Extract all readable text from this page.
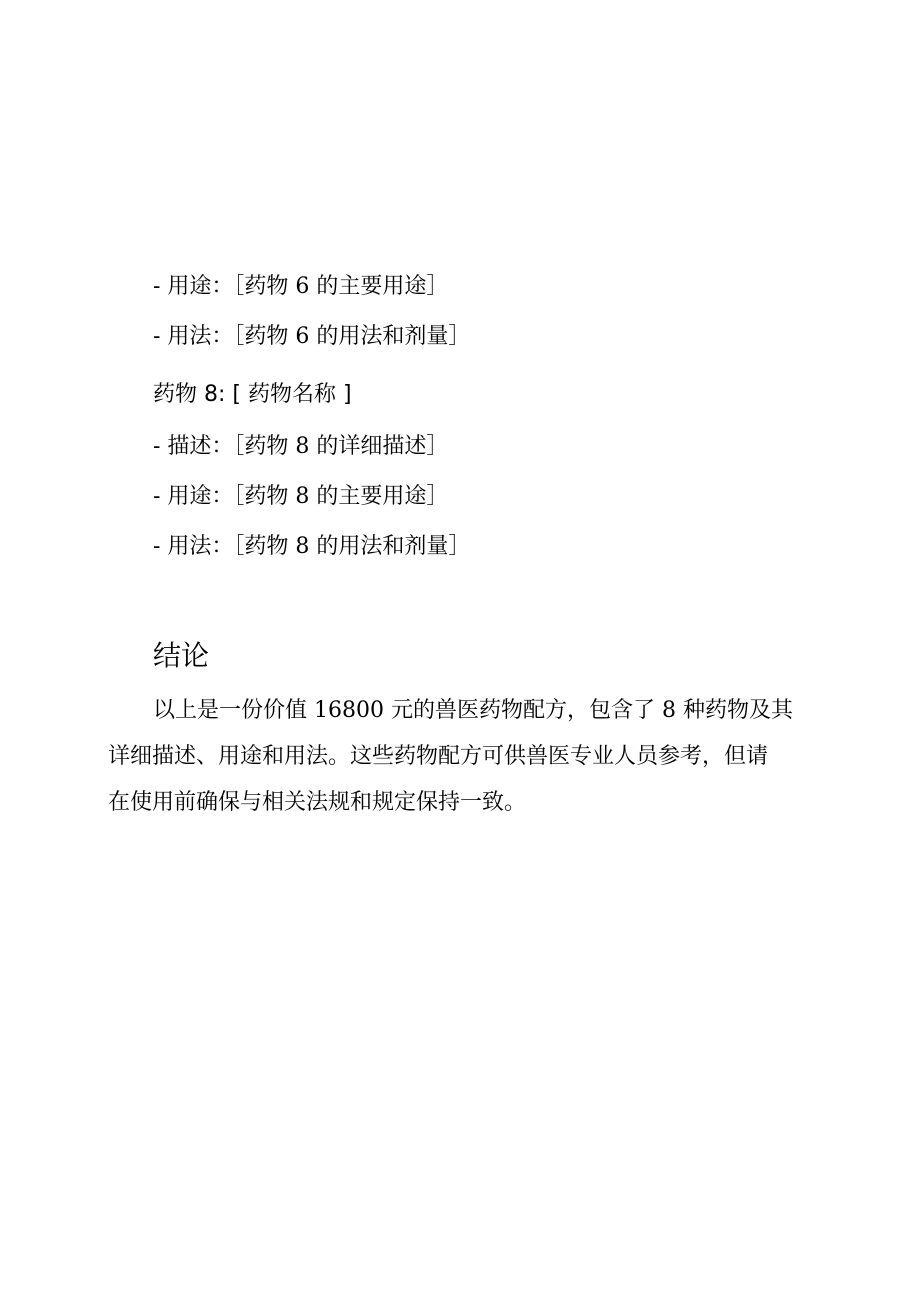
- 用途：［药物 6 的主要用途］
- 用法：［药物 6 的用法和剂量］
药物 8: [ 药物名称 ]
- 描述：［药物 8 的详细描述］
- 用途：［药物 8 的主要用途］
- 用法：［药物 8 的用法和剂量］
结论
以上是一份价值 16800 元的兽医药物配方，包含了 8 种药物及其
详细描述、用途和用法。这些药物配方可供兽医专业人员参考，但请
在使用前确保与相关法规和规定保持一致。
